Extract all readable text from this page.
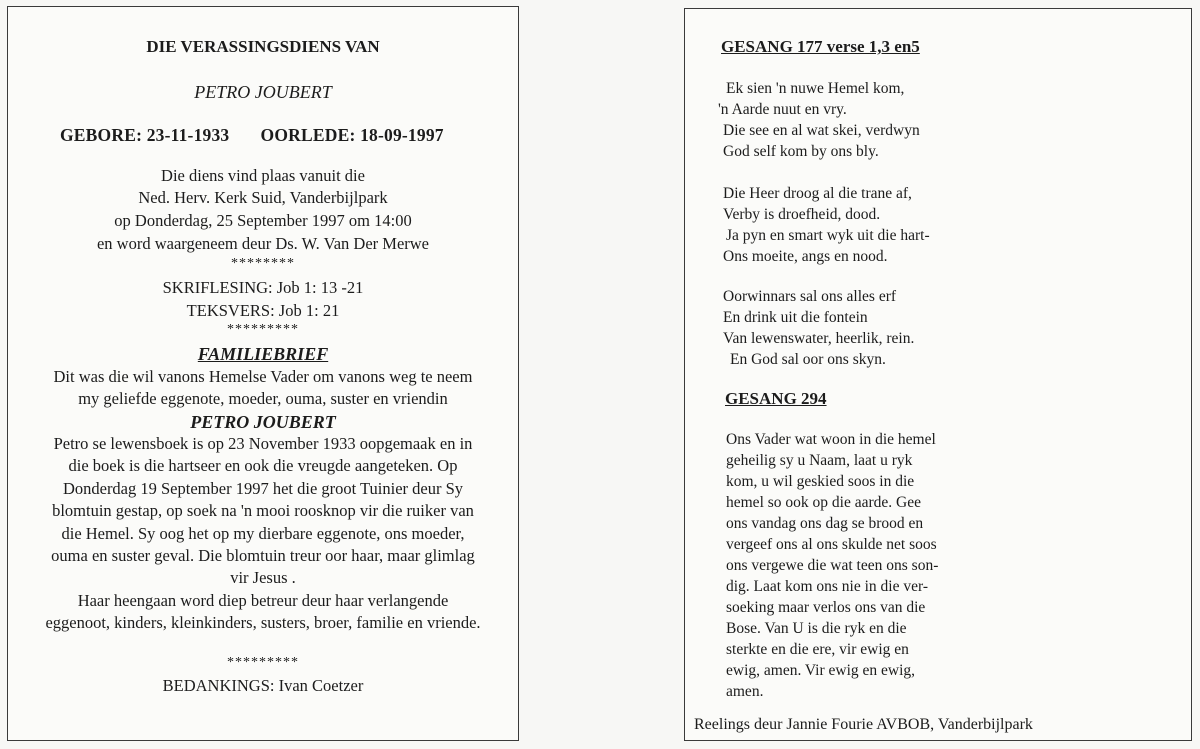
DIE VERASSINGSDIENS VAN
PETRO JOUBERT
GEBORE: 23-11-1933 OORLEDE: 18-09-1997
Die diens vind plaas vanuit die
Ned. Herv. Kerk Suid, Vanderbijlpark
op Donderdag, 25 September 1997 om 14:00
en word waargeneem deur Ds. W. Van Der Merwe
********
SKRIFLESING: Job 1: 13 -21
TEKSVERS: Job 1: 21
*********
FAMILIEBRIEF
Dit was die wil vanons Hemelse Vader om vanons weg te neem
my geliefde eggenote, moeder, ouma, suster en vriendin
PETRO JOUBERT
Petro se lewensboek is op 23 November 1933 oopgemaak en in
die boek is die hartseer en ook die vreugde aangeteken. Op
Donderdag 19 September 1997 het die groot Tuinier deur Sy
blomtuin gestap, op soek na 'n mooi roosknop vir die ruiker van
die Hemel. Sy oog het op my dierbare eggenote, ons moeder,
ouma en suster geval. Die blomtuin treur oor haar, maar glimlag
vir Jesus .
Haar heengaan word diep betreur deur haar verlangende
eggenoot, kinders, kleinkinders, susters, broer, familie en vriende.
*********
BEDANKINGS: Ivan Coetzer
GESANG 177 verse 1,3 en5
Ek sien 'n nuwe Hemel kom,
'n Aarde nuut en vry.
Die see en al wat skei, verdwyn
God self kom by ons bly.
Die Heer droog al die trane af,
Verby is droefheid, dood.
Ja pyn en smart wyk uit die hart-
Ons moeite, angs en nood.
Oorwinnars sal ons alles erf
En drink uit die fontein
Van lewenswater, heerlik, rein.
En God sal oor ons skyn.
GESANG 294
Ons Vader wat woon in die hemel
geheilig sy u Naam, laat u ryk
kom, u wil geskied soos in die
hemel so ook op die aarde. Gee
ons vandag ons dag se brood en
vergeef ons al ons skulde net soos
ons vergewe die wat teen ons son-
dig. Laat kom ons nie in die ver-
soeking maar verlos ons van die
Bose. Van U is die ryk en die
sterkte en die ere, vir ewig en
ewig, amen. Vir ewig en ewig,
amen.
Reelings deur Jannie Fourie AVBOB, Vanderbijlpark
